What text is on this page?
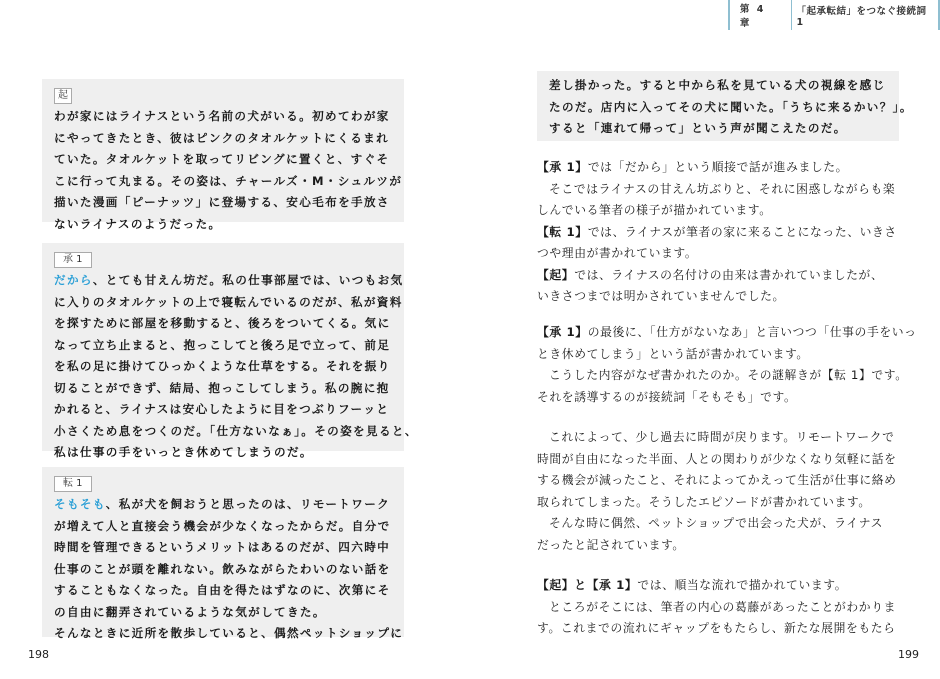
起

わが家にはライナスという名前の犬がいる。初めてわが家

にやってきたとき、彼はピンクのタオルケットにくるまれ

ていた。タオルケットを取ってリビングに置くと、すぐそ

こに行って丸まる。その姿は、チャールズ・M・シュルツが

描いた漫画「ピーナッツ」に登場する、安心毛布を手放さ

ないライナスのようだった。

承 1

だから、とても甘えん坊だ。私の仕事部屋では、いつもお気

に入りのタオルケットの上で寝転んでいるのだが、私が資料

を探すために部屋を移動すると、後ろをついてくる。気に

なって立ち止まると、抱っこしてと後ろ足で立って、前足

を私の足に掛けてひっかくような仕草をする。それを振り

切ることができず、結局、抱っこしてしまう。私の腕に抱

かれると、ライナスは安心したように目をつぶりフーッと

小さくため息をつくのだ。「仕方ないなぁ」。その姿を見ると、

私は仕事の手をいっとき休めてしまうのだ。

転 1

そもそも、私が犬を飼おうと思ったのは、リモートワーク

が増えて人と直接会う機会が少なくなったからだ。自分で

時間を管理できるというメリットはあるのだが、四六時中

仕事のことが頭を離れない。飲みながらたわいのない話を

することもなくなった。自由を得たはずなのに、次第にそ

の自由に翻弄されているような気がしてきた。

そんなときに近所を散歩していると、偶然ペットショップに

198
第 4 章
「起承転結」をつなぐ接続詞 1

差し掛かった。すると中から私を見ている犬の視線を感じ

たのだ。店内に入ってその犬に聞いた。「うちに来るかい？」。

すると「連れて帰って」という声が聞こえたのだ。

【承 1】では「だから」という順接で話が進みました。

そこではライナスの甘えん坊ぶりと、それに困惑しながらも楽

しんでいる筆者の様子が描かれています。

【転 1】では、ライナスが筆者の家に来ることになった、いきさ

つや理由が書かれています。

【起】では、ライナスの名付けの由来は書かれていましたが、

いきさつまでは明かされていませんでした。

【承 1】の最後に、「仕方がないなあ」と言いつつ「仕事の手をいっ

とき休めてしまう」という話が書かれています。

こうした内容がなぜ書かれたのか。その謎解きが【転 1】です。

それを誘導するのが接続詞「そもそも」です。

これによって、少し過去に時間が戻ります。リモートワークで

時間が自由になった半面、人との関わりが少なくなり気軽に話を

する機会が減ったこと、それによってかえって生活が仕事に絡め

取られてしまった。そうしたエピソードが書かれています。

そんな時に偶然、ペットショップで出会った犬が、ライナス

だったと記されています。

【起】と【承 1】では、順当な流れで描かれています。

ところがそこには、筆者の内心の葛藤があったことがわかりま

す。これまでの流れにギャップをもたらし、新たな展開をもたら

199
